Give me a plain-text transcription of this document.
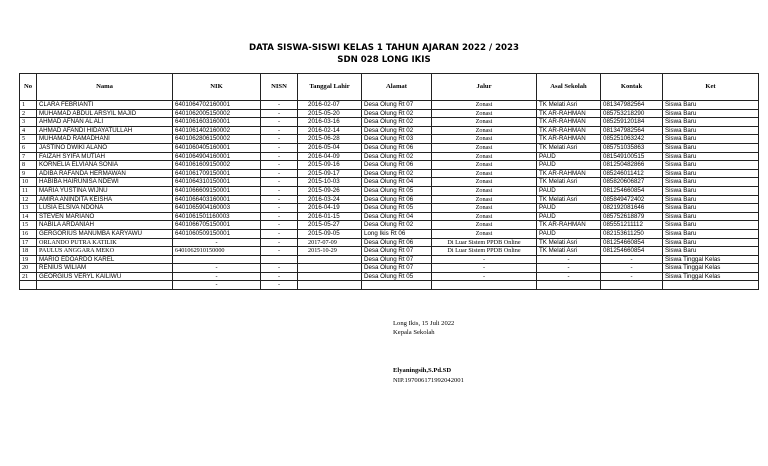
DATA SISWA-SISWI KELAS 1 TAHUN AJARAN 2022 / 2023
SDN 028 LONG IKIS
No	Nama	NIK	NISN	Tanggal Lahir	Alamat	Jalur	Asal Sekolah	Kontak	Ket
1	CLARA FEBRIANTI	6401064702160001	-	2016-02-07	Desa Olung Rt 07	Zonasi	TK Melati Asri	081347982564	Siswa Baru
2	MUHAMAD ABDUL ARSYIL MAJID	6401062005150002	-	2015-05-20	Desa Olung Rt 02	Zonasi	TK AR-RAHMAN	085753218290	Siswa Baru
3	AHMAD AFNAN AL ALI	6401061603160001	-	2016-03-16	Desa Olung Rt 02	Zonasi	TK AR-RAHMAN	085259120184	Siswa Baru
4	AHMAD AFANDI HIDAYATULLAH	6401061402160002	-	2016-02-14	Desa Olung Rt 02	Zonasi	TK AR-RAHMAN	081347982564	Siswa Baru
5	MUHAMAD RAMADHANI	6401062806150002	-	2015-06-28	Desa Olung Rt 03	Zonasi	TK AR-RAHMAN	085251063242	Siswa Baru
6	JASTINO DWIKI ALANO	6401060405160001	-	2016-05-04	Desa Olung Rt 06	Zonasi	TK Melati Asri	085751035863	Siswa Baru
7	FAIZAH SYIFA MUTIAH	6401064904160001	-	2016-04-09	Desa Olung Rt 02	Zonasi	PAUD	081549100515	Siswa Baru
8	KORNELIA ELVIANA SONIA	6401061609150002	-	2015-09-16	Desa Olung Rt 06	Zonasi	PAUD	081250482866	Siswa Baru
9	ADIBA RAFANDA HERMAWAN	6401061709150001	-	2015-09-17	Desa Olung Rt 02	Zonasi	TK AR-RAHMAN	085246011412	Siswa Baru
10	HABIBA HAIRUNISA NDEWI	6401064310150001	-	2015-10-03	Desa Olung Rt 04	Zonasi	TK Melati Asri	085820606827	Siswa Baru
11	MARIA YUSTINA WIJNU	6401066609150001	-	2015-09-26	Desa Olung Rt 05	Zonasi	PAUD	081254660854	Siswa Baru
12	AMIRA ANINDITA KEISHA	6401066403160001	-	2016-03-24	Desa Olung Rt 06	Zonasi	TK Melati Asri	085849472402	Siswa Baru
13	LUSIA ELSIVA NDONA	6401065904160003	-	2016-04-19	Desa Olung Rt 05	Zonasi	PAUD	082192081646	Siswa Baru
14	STEVEN MARIANO	6401061501160003	-	2016-01-15	Desa Olung Rt 04	Zonasi	PAUD	085752618879	Siswa Baru
15	NABILA ARDANIAH	6401066705150001	-	2015-05-27	Desa Olung Rt 02	Zonasi	TK AR-RAHMAN	085551211112	Siswa Baru
16	GERGORIUS MANUMBA KARYAWU	6401060509150001	-	2015-09-05	Long Ikis Rt 06	Zonasi	PAUD	082153611250	Siswa Baru
17	ORLANDO PUTRA KATILIK	-	-	2017-07-09	Desa Olung Rt 06	Di Luar Sistem PPDB Online	TK Melati Asri	081254660854	Siswa Baru
18	PAULUS ANGGARA MEKO	6401062910150000	-	2015-10-29	Desa Olung Rt 07	Di Luar Sistem PPDB Online	TK Melati Asri	081254660854	Siswa Baru
19	MARIO EDOARDO KAREL				Desa Olung Rt 07	-	-	-	Siswa Tinggal Kelas
20	RENIUS WILIAM	-	-		Desa Olung Rt 07	-	-	-	Siswa Tinggal Kelas
21	GEORGIUS VERYL KAILIWU	-	-		Desa Olung Rt 05	-	-	-	Siswa Tinggal Kelas
		-	-						
Long Ikis, 15 Juli 2022
Kepala Sekolah
Elyaningsih,S.Pd.SD
NIP.197006171992042001
